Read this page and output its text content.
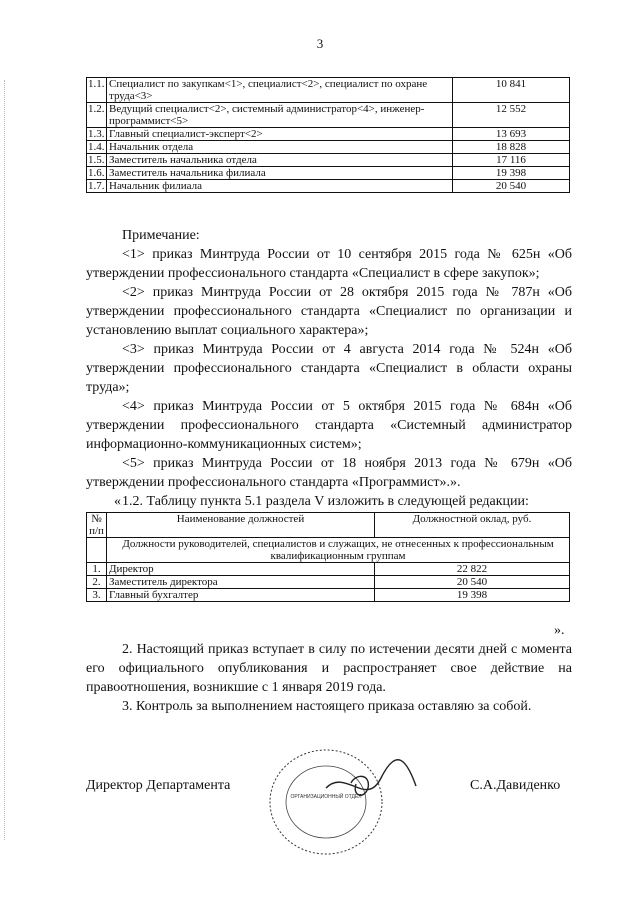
3
1.1.	Специалист по закупкам<1>, специалист<2>, специалист по охране труда<3>	10 841
1.2.	Ведущий специалист<2>, системный администратор<4>, инженер-программист<5>	12 552
1.3.	Главный специалист-эксперт<2>	13 693
1.4.	Начальник отдела	18 828
1.5.	Заместитель начальника отдела	17 116
1.6.	Заместитель начальника филиала	19 398
1.7.	Начальник филиала	20 540

Примечание:

<1> приказ Минтруда России от 10 сентября 2015 года № 625н «Об утверждении профессионального стандарта «Специалист в сфере закупок»;

<2> приказ Минтруда России от 28 октября 2015 года № 787н «Об утверждении профессионального стандарта «Специалист по организации и установлению выплат социального характера»;

<3> приказ Минтруда России от 4 августа 2014 года № 524н «Об утверждении профессионального стандарта «Специалист в области охраны труда»;

<4> приказ Минтруда России от 5 октября 2015 года № 684н «Об утверждении профессионального стандарта «Системный администратор информационно-коммуникационных систем»;

<5> приказ Минтруда России от 18 ноября 2013 года № 679н «Об утверждении профессионального стандарта «Программист».».

1.2. Таблицу пункта 5.1 раздела V изложить в следующей редакции:

«
№ п/п	Наименование должностей	Должностной оклад, руб.
	Должности руководителей, специалистов и служащих, не отнесенных к профессиональным квалификационным группам	
1.	Директор	22 822
2.	Заместитель директора	20 540
3.	Главный бухгалтер	19 398
».

2. Настоящий приказ вступает в силу по истечении десяти дней с момента его официального опубликования и распространяет свое действие на правоотношения, возникшие с 1 января 2019 года.

3. Контроль за выполнением настоящего приказа оставляю за собой.

Директор Департамента	С.А.Давиденко
ОРГАНИЗАЦИОННЫЙ ОТДЕЛ
